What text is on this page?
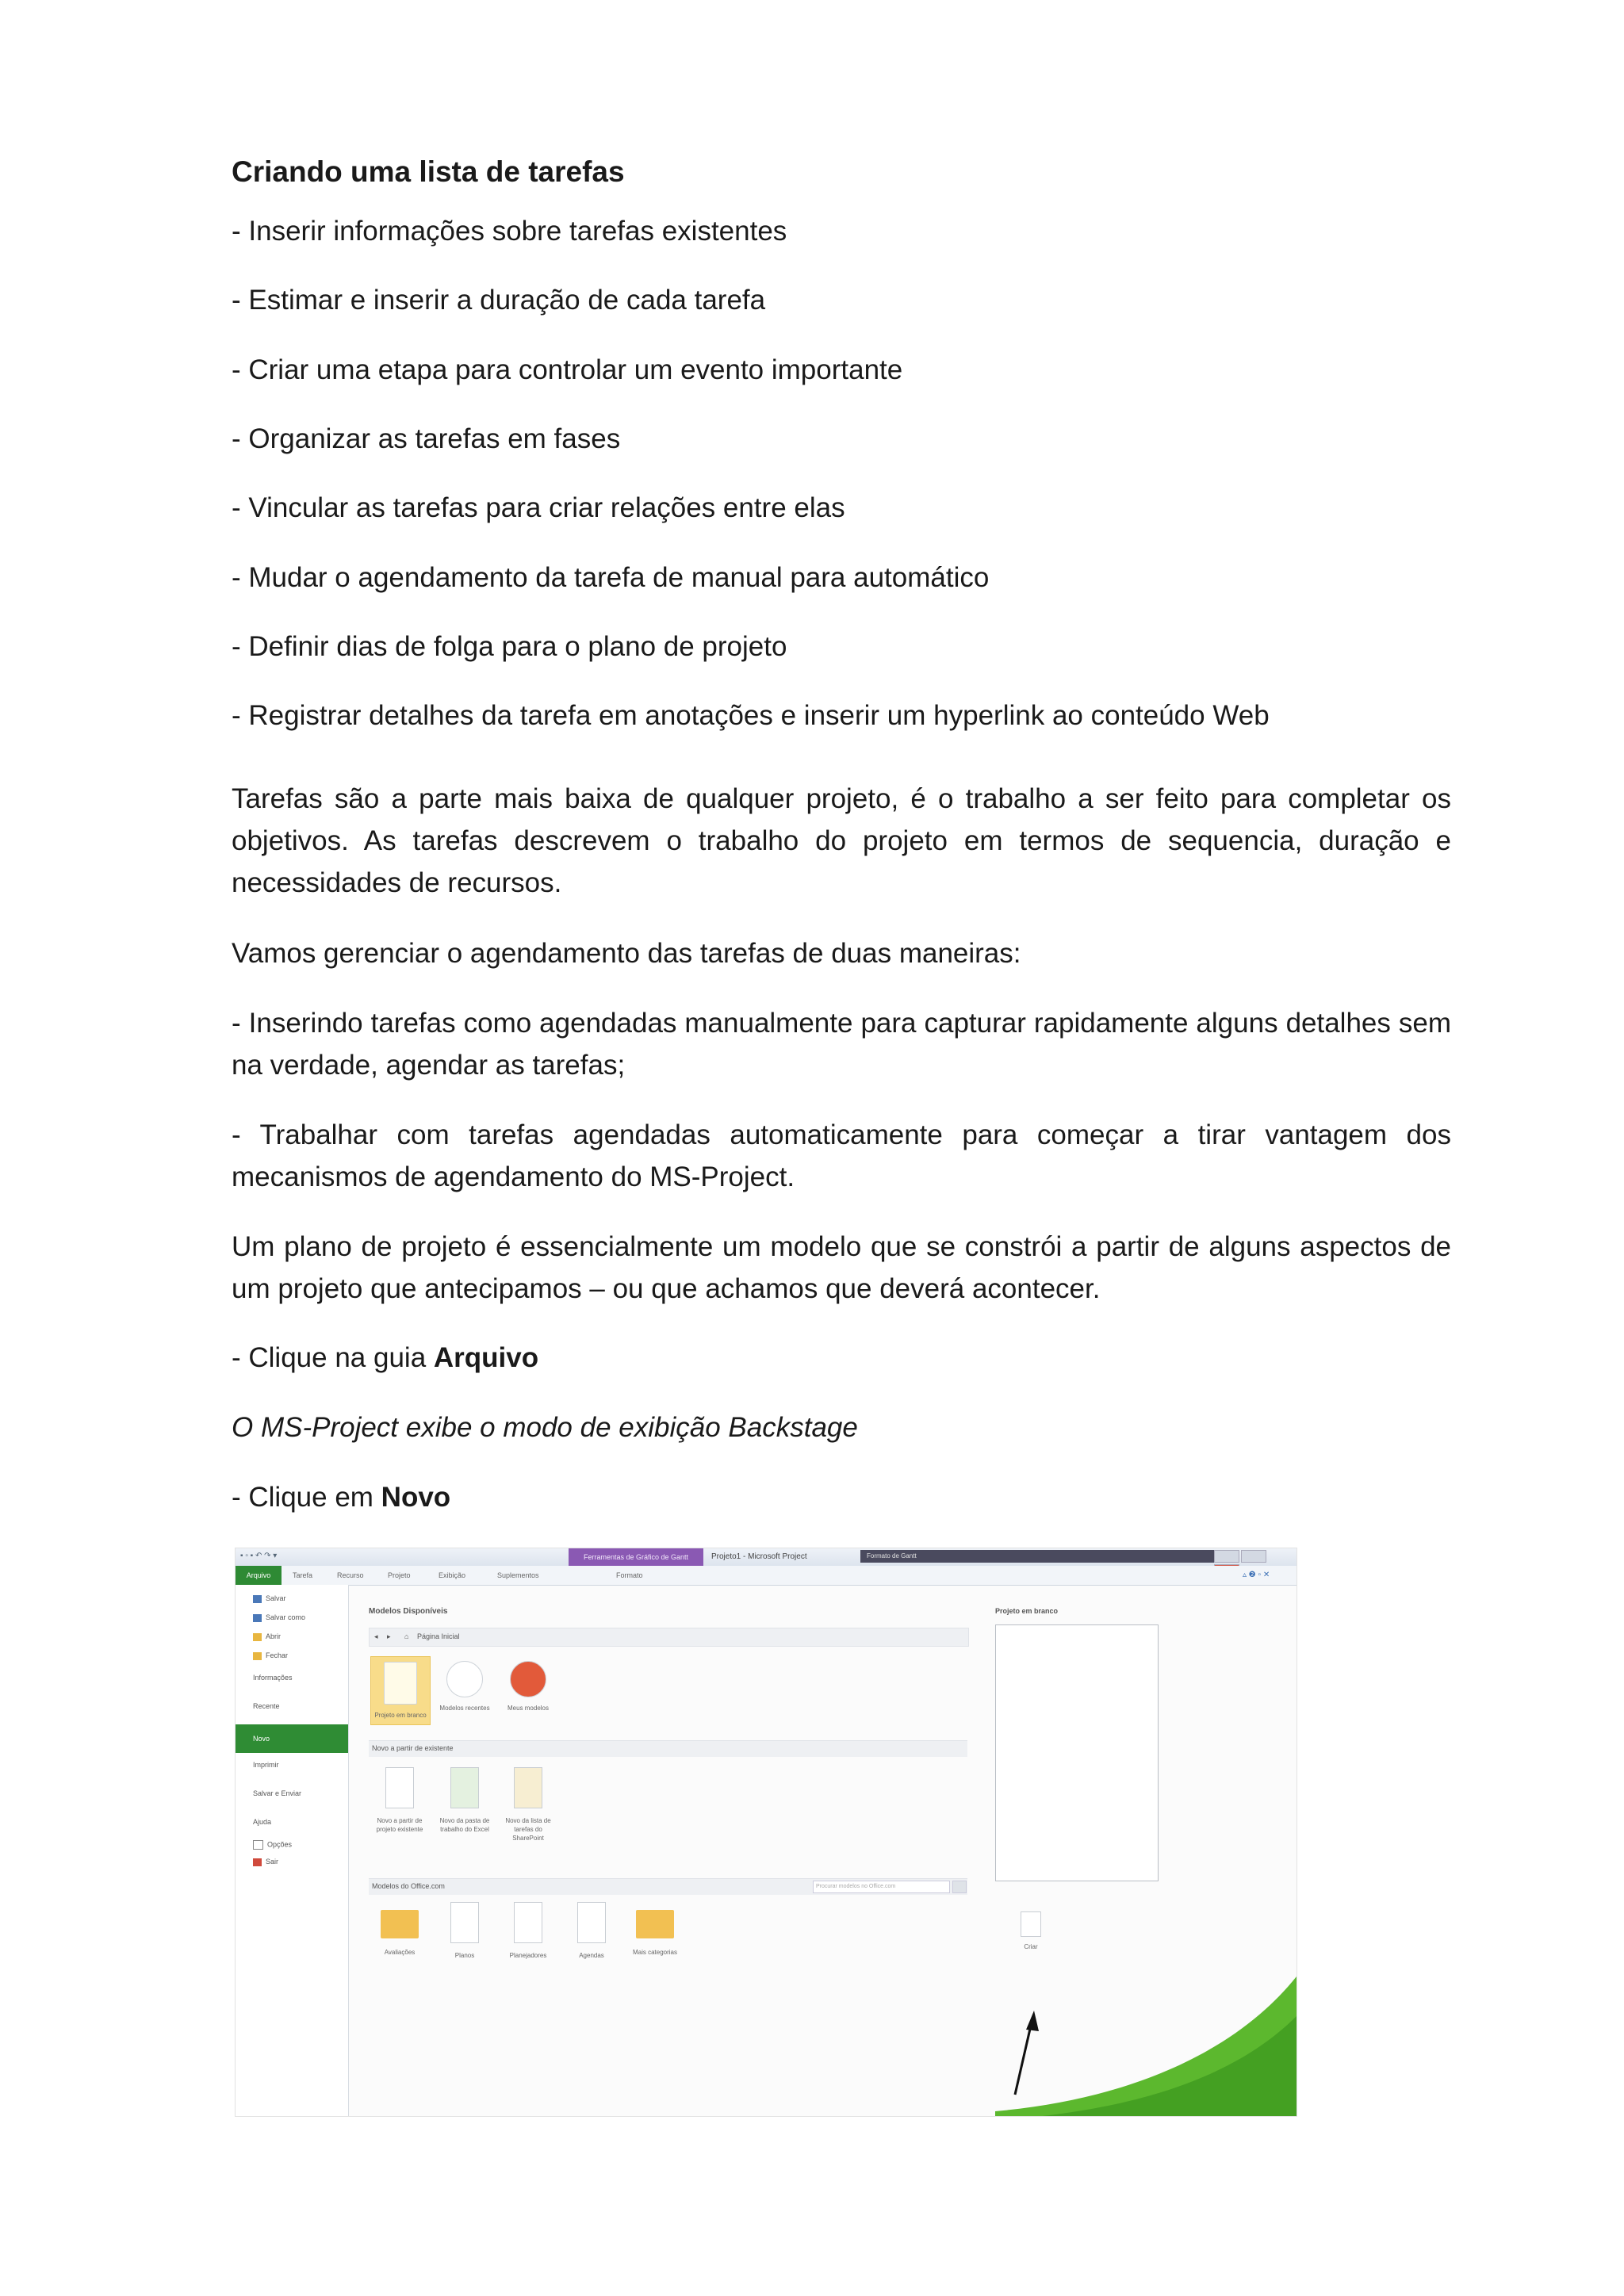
Criando uma lista de tarefas

- Inserir informações sobre tarefas existentes

- Estimar e inserir a duração de cada tarefa

- Criar uma etapa para controlar um evento importante

- Organizar as tarefas em fases

- Vincular as tarefas para criar relações entre elas

- Mudar o agendamento da tarefa de manual para automático

- Definir dias de folga para o plano de projeto

- Registrar detalhes da tarefa em anotações e inserir um hyperlink ao conteúdo Web

Tarefas são a parte mais baixa de qualquer projeto, é o trabalho a ser feito para completar os objetivos. As tarefas descrevem o trabalho do projeto em termos de sequencia, duração e necessidades de recursos.

Vamos gerenciar o agendamento das tarefas de duas maneiras:

- Inserindo tarefas como agendadas manualmente para capturar rapidamente alguns detalhes sem na verdade, agendar as tarefas;

- Trabalhar com tarefas agendadas automaticamente para começar a tirar vantagem dos mecanismos de agendamento do MS-Project.

Um plano de projeto é essencialmente um modelo que se constrói a partir de alguns aspectos de um projeto que antecipamos – ou que achamos que deverá acontecer.

- Clique na guia Arquivo

O MS-Project exibe o modo de exibição Backstage

- Clique em Novo

▪ ▫ ▪ ↶ ↷ ▾	Ferramentas de Gráfico de Gantt	Projeto1 - Microsoft Project	Formato de Gantt
Tarefa	Recurso	Projeto	Exibição	Suplementos	Formato
Arquivo	▵ ❷ ▫ ✕
Salvar
Salvar como
Abrir
Fechar
Informações
Recente
Novo
Imprimir
Salvar e Enviar
Ajuda
Opções
Sair
Modelos Disponíveis
◂ ▸ ⌂ Página Inicial
Projeto em branco
Modelos recentes	Meus modelos
Novo a partir de existente
Novo a partir de projeto existente
Novo da pasta de trabalho do Excel
Novo da lista de tarefas do SharePoint
Modelos do Office.com	Procurar modelos no Office.com
Avaliações	Planos	Planejadores	Agendas	Mais categorias
Projeto em branco
Criar
